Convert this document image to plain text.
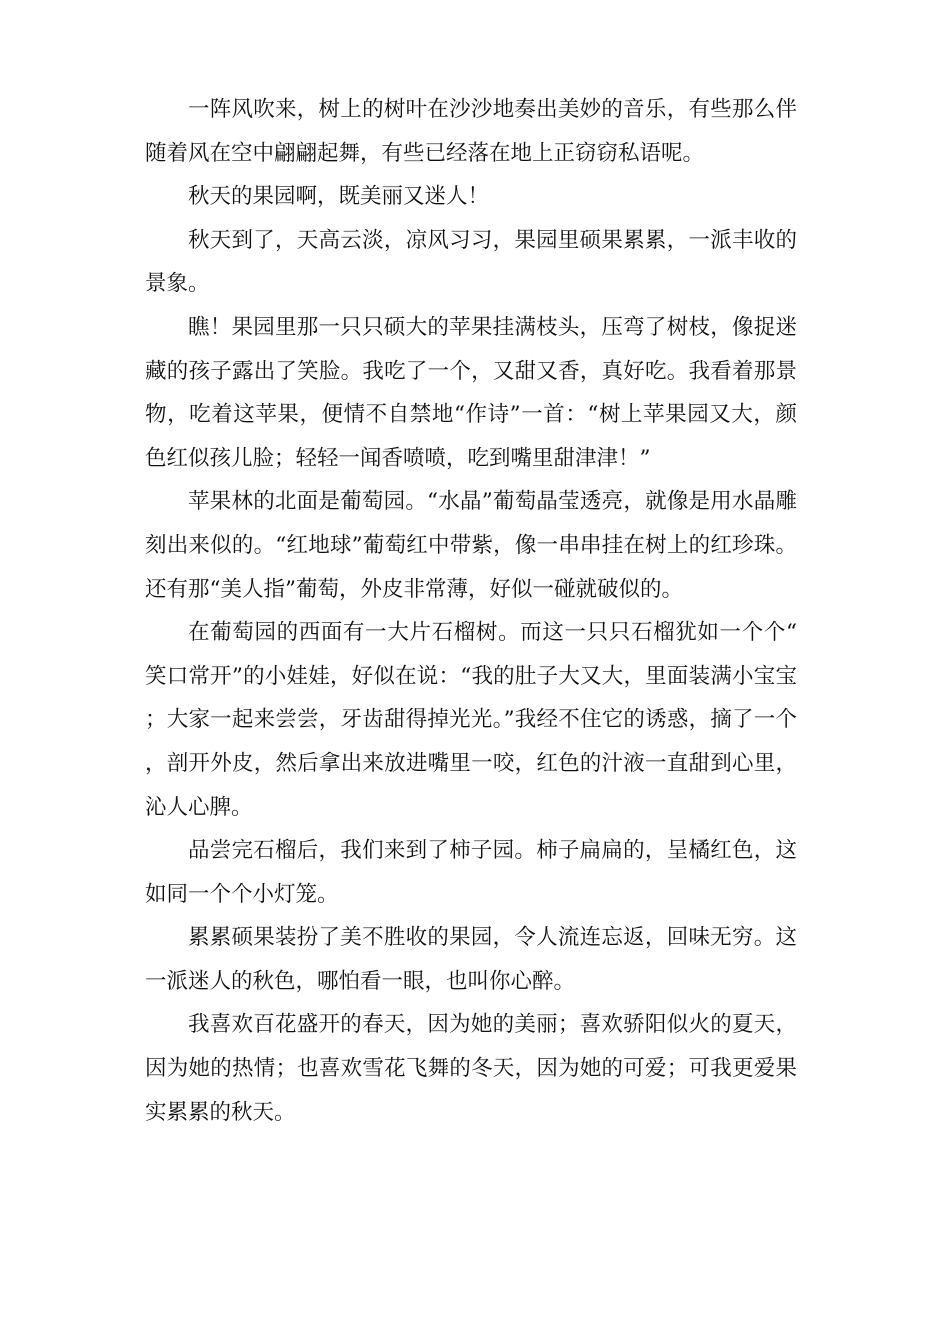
一阵风吹来，树上的树叶在沙沙地奏出美妙的音乐，有些那么伴随着风在空中翩翩起舞，有些已经落在地上正窃窃私语呢。

秋天的果园啊，既美丽又迷人！

秋天到了，天高云淡，凉风习习，果园里硕果累累，一派丰收的景象。

瞧！果园里那一只只硕大的苹果挂满枝头，压弯了树枝，像捉迷藏的孩子露出了笑脸。我吃了一个，又甜又香，真好吃。我看着那景物，吃着这苹果，便情不自禁地“作诗”一首：“树上苹果园又大，颜色红似孩儿脸；轻轻一闻香喷喷，吃到嘴里甜津津！”

苹果林的北面是葡萄园。“水晶”葡萄晶莹透亮，就像是用水晶雕刻出来似的。“红地球”葡萄红中带紫，像一串串挂在树上的红珍珠。还有那“美人指”葡萄，外皮非常薄，好似一碰就破似的。

在葡萄园的西面有一大片石榴树。而这一只只石榴犹如一个个“笑口常开”的小娃娃，好似在说：“我的肚子大又大，里面装满小宝宝；大家一起来尝尝，牙齿甜得掉光光。”我经不住它的诱惑，摘了一个，剖开外皮，然后拿出来放进嘴里一咬，红色的汁液一直甜到心里，沁人心脾。

品尝完石榴后，我们来到了柿子园。柿子扁扁的，呈橘红色，这如同一个个小灯笼。

累累硕果装扮了美不胜收的果园，令人流连忘返，回味无穷。这一派迷人的秋色，哪怕看一眼，也叫你心醉。

我喜欢百花盛开的春天，因为她的美丽；喜欢骄阳似火的夏天，因为她的热情；也喜欢雪花飞舞的冬天，因为她的可爱；可我更爱果实累累的秋天。
